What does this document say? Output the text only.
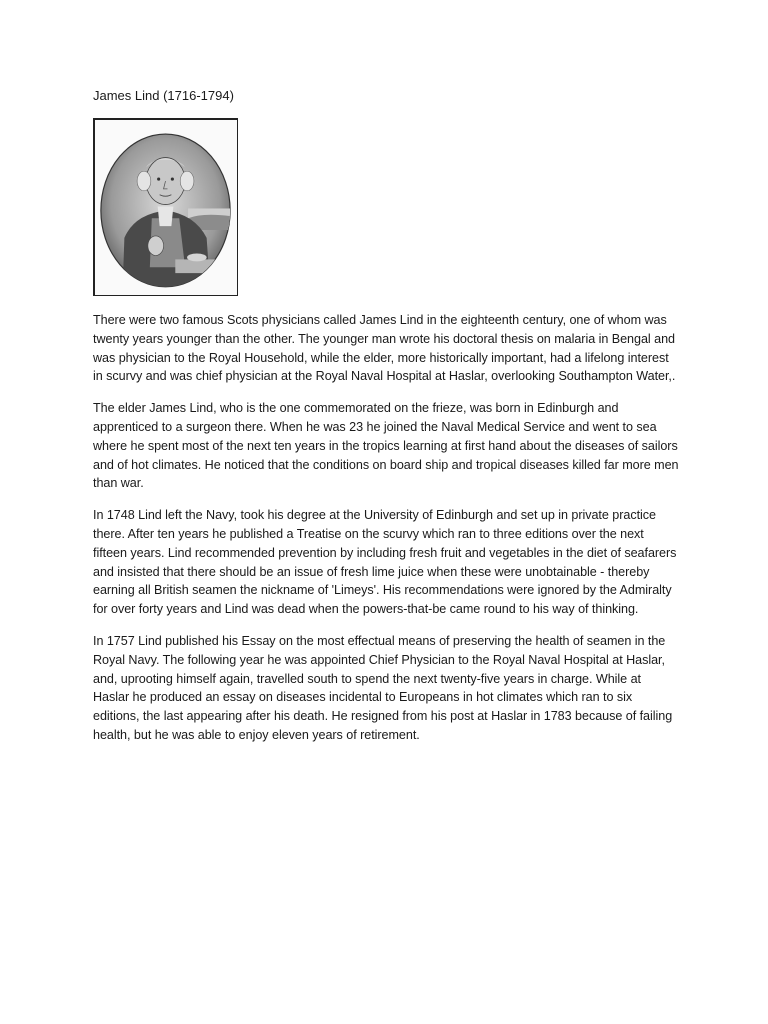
James Lind (1716-1794)

There were two famous Scots physicians called James Lind in the eighteenth century, one of whom was twenty years younger than the other. The younger man wrote his doctoral thesis on malaria in Bengal and was physician to the Royal Household, while the elder, more historically important, had a lifelong interest in scurvy and was chief physician at the Royal Naval Hospital at Haslar, overlooking Southampton Water,.

The elder James Lind, who is the one commemorated on the frieze, was born in Edinburgh and apprenticed to a surgeon there. When he was 23 he joined the Naval Medical Service and went to sea where he spent most of the next ten years in the tropics learning at first hand about the diseases of sailors and of hot climates. He noticed that the conditions on board ship and tropical diseases killed far more men than war.

In 1748 Lind left the Navy, took his degree at the University of Edinburgh and set up in private practice there. After ten years he published a Treatise on the scurvy which ran to three editions over the next fifteen years. Lind recommended prevention by including fresh fruit and vegetables in the diet of seafarers and insisted that there should be an issue of fresh lime juice when these were unobtainable - thereby earning all British seamen the nickname of 'Limeys'. His recommendations were ignored by the Admiralty for over forty years and Lind was dead when the powers-that-be came round to his way of thinking.

In 1757 Lind published his Essay on the most effectual means of preserving the health of seamen in the Royal Navy. The following year he was appointed Chief Physician to the Royal Naval Hospital at Haslar, and, uprooting himself again, travelled south to spend the next twenty-five years in charge. While at Haslar he produced an essay on diseases incidental to Europeans in hot climates which ran to six editions, the last appearing after his death. He resigned from his post at Haslar in 1783 because of failing health, but he was able to enjoy eleven years of retirement.
